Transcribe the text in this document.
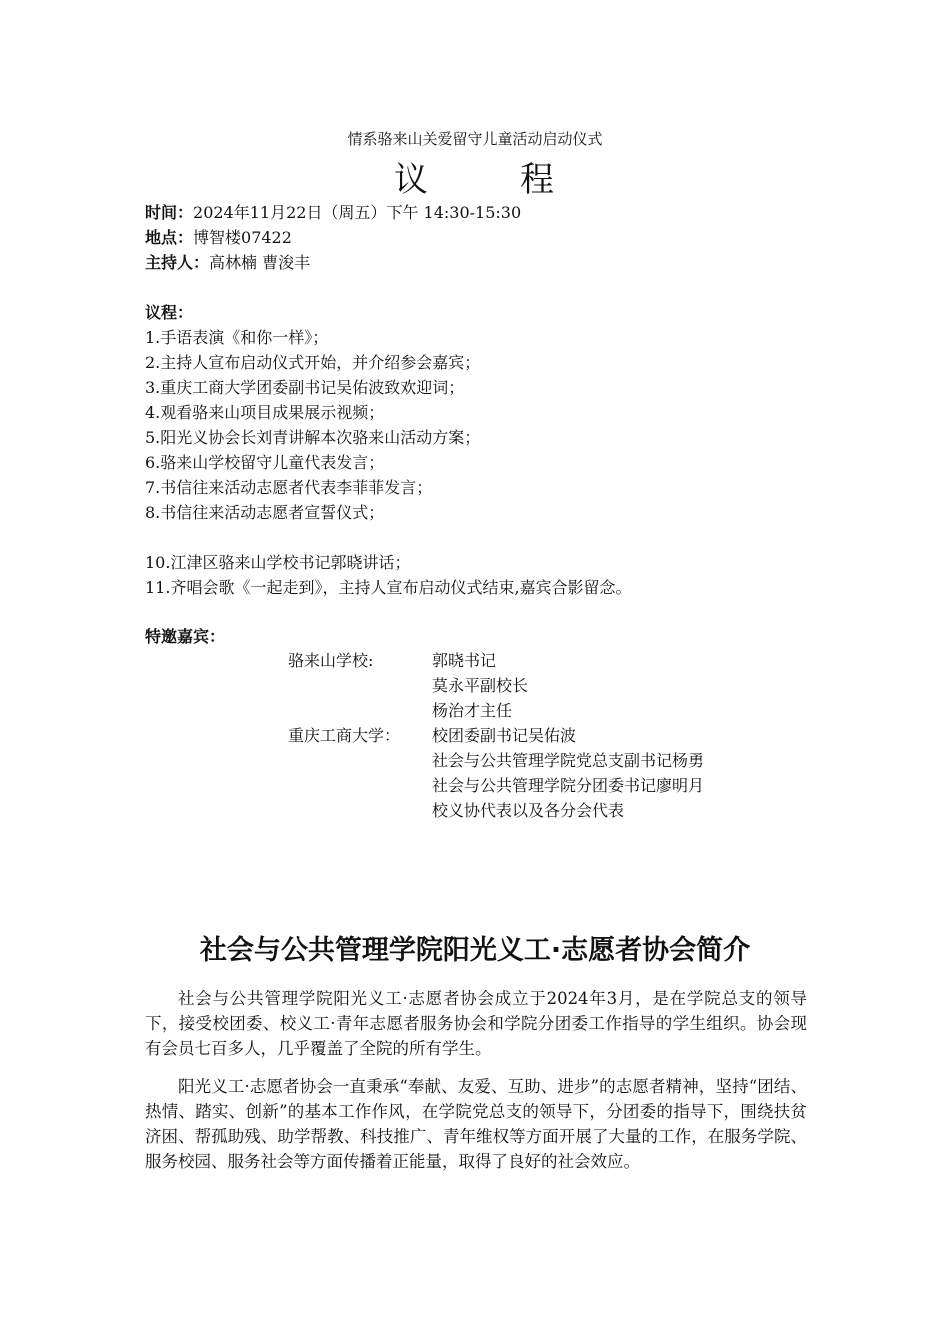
情系骆来山关爱留守儿童活动启动仪式
议	程
时间：2024年11月22日（周五）下午 14:30-15:30
地点：博智楼07422
主持人：高林楠 曹浚丰
议程：
1.手语表演《和你一样》；
2.主持人宣布启动仪式开始，并介绍参会嘉宾；
3.重庆工商大学团委副书记吴佑波致欢迎词；
4.观看骆来山项目成果展示视频；
5.阳光义协会长刘青讲解本次骆来山活动方案；
6.骆来山学校留守儿童代表发言；
7.书信往来活动志愿者代表李菲菲发言；
8.书信往来活动志愿者宣誓仪式；
10.江津区骆来山学校书记郭晓讲话；
11.齐唱会歌《一起走到》，主持人宣布启动仪式结束,嘉宾合影留念。
特邀嘉宾：
骆来山学校:	郭晓书记
莫永平副校长
杨治才主任
重庆工商大学： 校团委副书记吴佑波
社会与公共管理学院党总支副书记杨勇
社会与公共管理学院分团委书记廖明月
校义协代表以及各分会代表
社会与公共管理学院阳光义工·志愿者协会简介
社会与公共管理学院阳光义工·志愿者协会成立于2024年3月，是在学院总支的领导下，接受校团委、校义工·青年志愿者服务协会和学院分团委工作指导的学生组织。协会现有会员七百多人，几乎覆盖了全院的所有学生。
阳光义工·志愿者协会一直秉承“奉献、友爱、互助、进步”的志愿者精神，坚持“团结、热情、踏实、创新”的基本工作作风，在学院党总支的领导下，分团委的指导下，围绕扶贫济困、帮孤助残、助学帮教、科技推广、青年维权等方面开展了大量的工作，在服务学院、服务校园、服务社会等方面传播着正能量，取得了良好的社会效应。
